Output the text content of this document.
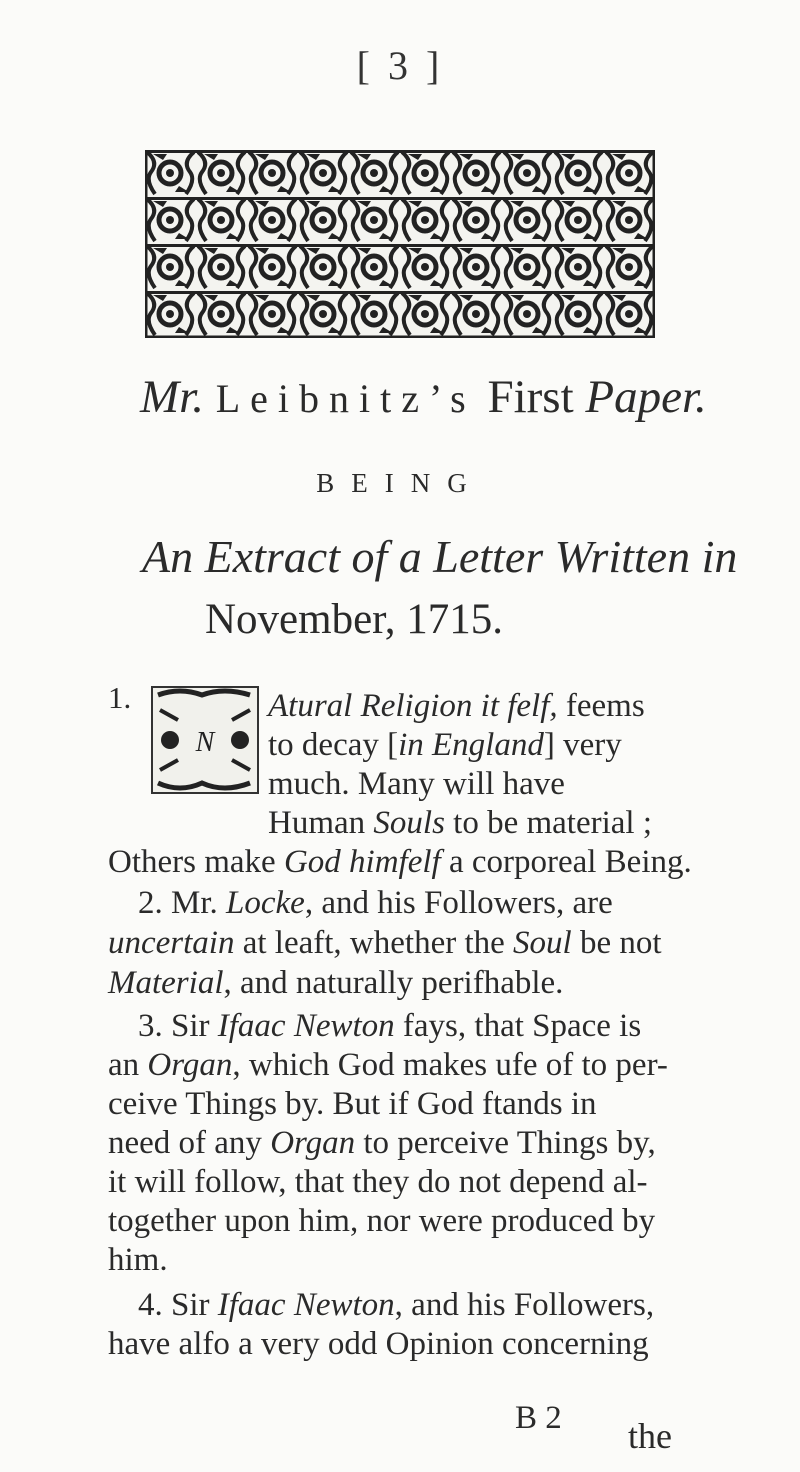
[ 3 ]
Mr. Leibnitz’s First Paper.
BEING
An Extract of a Letter Written in
November, 1715.
1.
N
Atural Religion it felf, feems
to decay [in England] very
much. Many will have
Human Souls to be material ;
Others make God himfelf a corporeal Being.
2. Mr. Locke, and his Followers, are
uncertain at leaft, whether the Soul be not
Material, and naturally perifhable.
3. Sir Ifaac Newton fays, that Space is
an Organ, which God makes ufe of to per-
ceive Things by. But if God ftands in
need of any Organ to perceive Things by,
it will follow, that they do not depend al-
together upon him, nor were produced by
him.
4. Sir Ifaac Newton, and his Followers,
have alfo a very odd Opinion concerning
B 2 the
